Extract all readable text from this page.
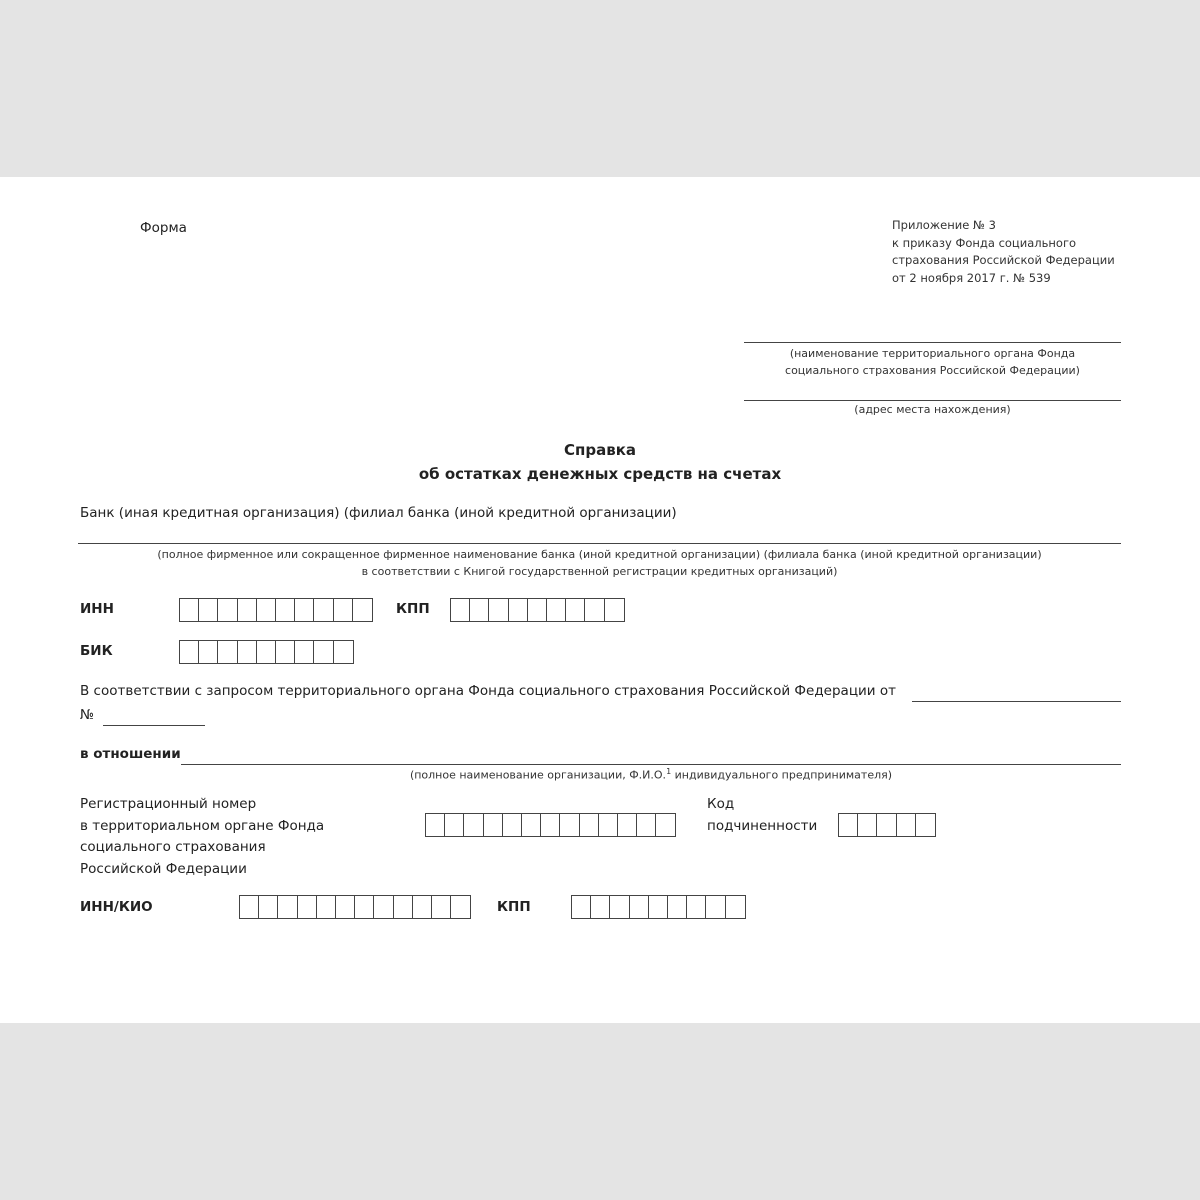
Форма	Приложение № 3
к приказу Фонда социального
страхования Российской Федерации
от 2 ноября 2017 г. № 539
(наименование территориального органа Фонда
социального страхования Российской Федерации)
(адрес места нахождения)
Справка
об остатках денежных средств на счетах
Банк (иная кредитная организация) (филиал банка (иной кредитной организации)
(полное фирменное или сокращенное фирменное наименование банка (иной кредитной организации) (филиала банка (иной кредитной организации)
в соответствии с Книгой государственной регистрации кредитных организаций)
ИНН	КПП
БИК
В соответствии с запросом территориального органа Фонда социального страхования Российской Федерации от
№
в отношении
(полное наименование организации, Ф.И.О.$^1$ индивидуального предпринимателя)
Регистрационный номер
в территориальном органе Фонда
социального страхования
Российской Федерации
Код
подчиненности
ИНН/КИО	КПП
